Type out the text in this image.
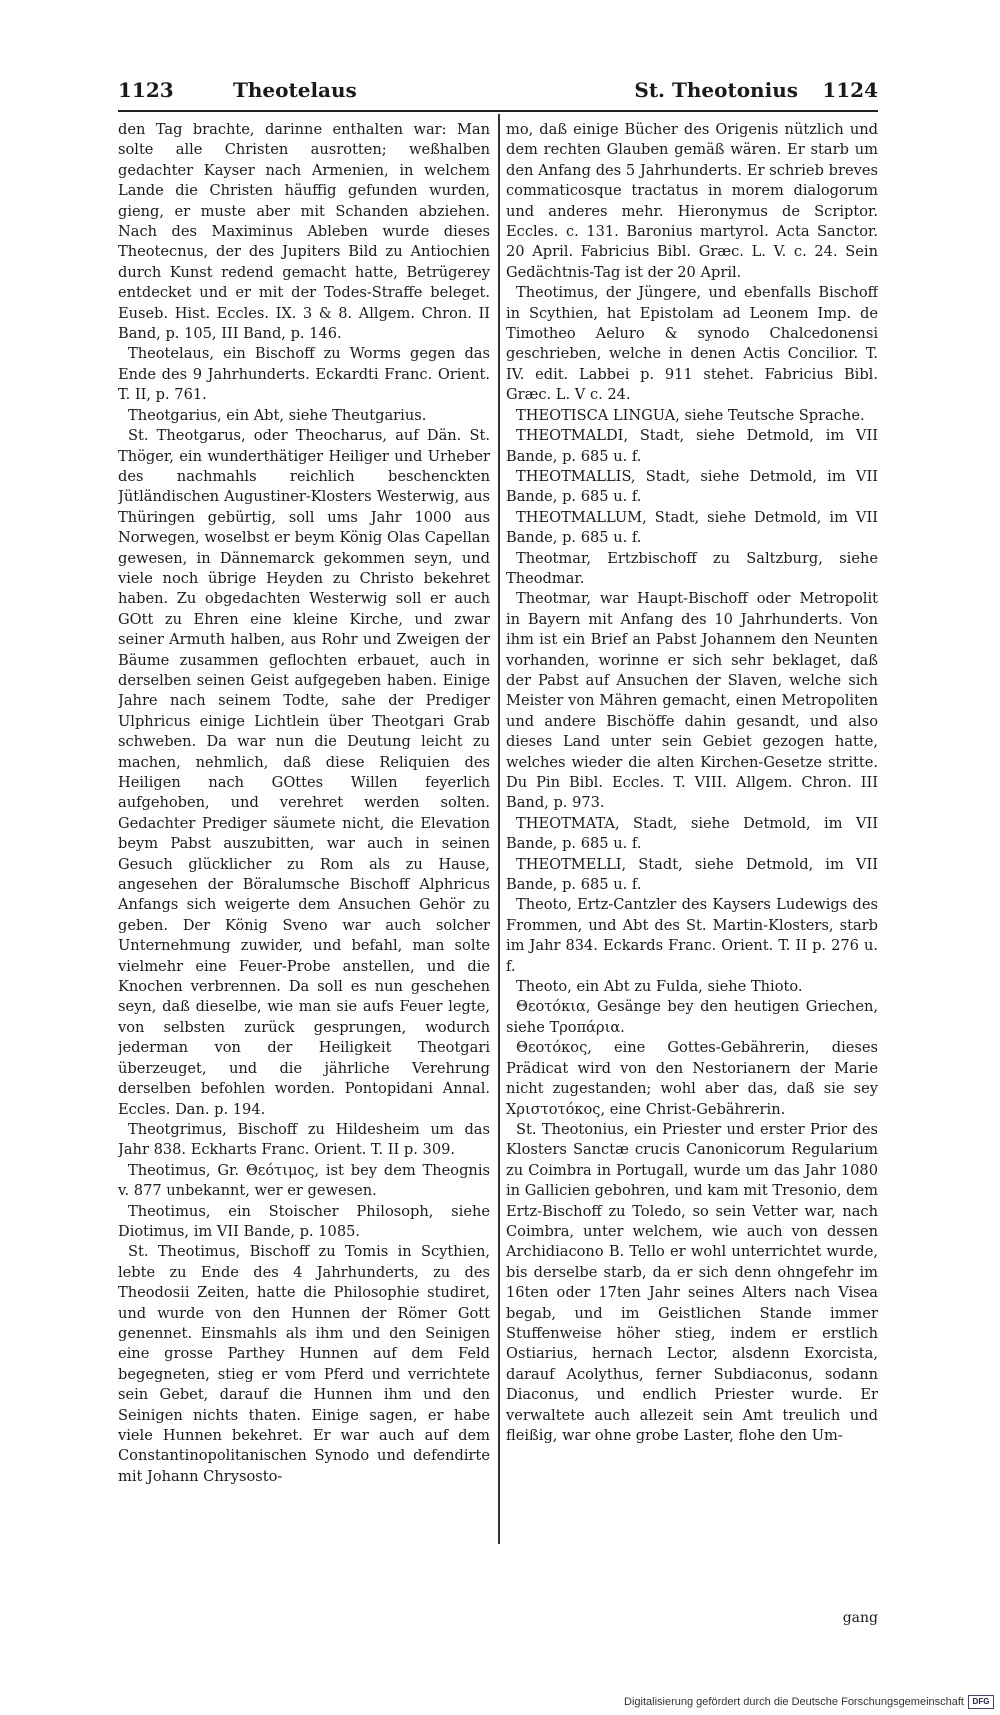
1123	Theotelaus	St. Theotonius 1124

den Tag brachte, darinne enthalten war: Man solte alle Christen ausrotten; weßhalben gedachter Kayser nach Armenien, in welchem Lande die Christen häuffig gefunden wurden, gieng, er muste aber mit Schanden abziehen. Nach des Maximinus Ableben wurde dieses Theotecnus, der des Jupiters Bild zu Antiochien durch Kunst redend gemacht hatte, Betrügerey entdecket und er mit der Todes-Straffe beleget. Euseb. Hist. Eccles. IX. 3 & 8. Allgem. Chron. II Band, p. 105, III Band, p. 146.

Theotelaus, ein Bischoff zu Worms gegen das Ende des 9 Jahrhunderts. Eckardti Franc. Orient. T. II, p. 761.

Theotgarius, ein Abt, siehe Theutgarius.

St. Theotgarus, oder Theocharus, auf Dän. St. Thöger, ein wunderthätiger Heiliger und Urheber des nachmahls reichlich beschenckten Jütländischen Augustiner-Klosters Westerwig, aus Thüringen gebürtig, soll ums Jahr 1000 aus Norwegen, woselbst er beym König Olas Capellan gewesen, in Dännemarck gekommen seyn, und viele noch übrige Heyden zu Christo bekehret haben. Zu obgedachten Westerwig soll er auch GOtt zu Ehren eine kleine Kirche, und zwar seiner Armuth halben, aus Rohr und Zweigen der Bäume zusammen geflochten erbauet, auch in derselben seinen Geist aufgegeben haben. Einige Jahre nach seinem Todte, sahe der Prediger Ulphricus einige Lichtlein über Theotgari Grab schweben. Da war nun die Deutung leicht zu machen, nehmlich, daß diese Reliquien des Heiligen nach GOttes Willen feyerlich aufgehoben, und verehret werden solten. Gedachter Prediger säumete nicht, die Elevation beym Pabst auszubitten, war auch in seinen Gesuch glücklicher zu Rom als zu Hause, angesehen der Böralumsche Bischoff Alphricus Anfangs sich weigerte dem Ansuchen Gehör zu geben. Der König Sveno war auch solcher Unternehmung zuwider, und befahl, man solte vielmehr eine Feuer-Probe anstellen, und die Knochen verbrennen. Da soll es nun geschehen seyn, daß dieselbe, wie man sie aufs Feuer legte, von selbsten zurück gesprungen, wodurch jederman von der Heiligkeit Theotgari überzeuget, und die jährliche Verehrung derselben befohlen worden. Pontopidani Annal. Eccles. Dan. p. 194.

Theotgrimus, Bischoff zu Hildesheim um das Jahr 838. Eckharts Franc. Orient. T. II p. 309.

Theotimus, Gr. Θεότιμος, ist bey dem Theognis v. 877 unbekannt, wer er gewesen.

Theotimus, ein Stoischer Philosoph, siehe Diotimus, im VII Bande, p. 1085.

St. Theotimus, Bischoff zu Tomis in Scythien, lebte zu Ende des 4 Jahrhunderts, zu des Theodosii Zeiten, hatte die Philosophie studiret, und wurde von den Hunnen der Römer Gott genennet. Einsmahls als ihm und den Seinigen eine grosse Parthey Hunnen auf dem Feld begegneten, stieg er vom Pferd und verrichtete sein Gebet, darauf die Hunnen ihm und den Seinigen nichts thaten. Einige sagen, er habe viele Hunnen bekehret. Er war auch auf dem Constantinopolitanischen Synodo und defendirte mit Johann Chrysosto-

mo, daß einige Bücher des Origenis nützlich und dem rechten Glauben gemäß wären. Er starb um den Anfang des 5 Jahrhunderts. Er schrieb breves commaticosque tractatus in morem dialogorum und anderes mehr. Hieronymus de Scriptor. Eccles. c. 131. Baronius martyrol. Acta Sanctor. 20 April. Fabricius Bibl. Græc. L. V. c. 24. Sein Gedächtnis-Tag ist der 20 April.

Theotimus, der Jüngere, und ebenfalls Bischoff in Scythien, hat Epistolam ad Leonem Imp. de Timotheo Aeluro & synodo Chalcedonensi geschrieben, welche in denen Actis Concilior. T. IV. edit. Labbei p. 911 stehet. Fabricius Bibl. Græc. L. V c. 24.

THEOTISCA LINGUA, siehe Teutsche Sprache.

THEOTMALDI, Stadt, siehe Detmold, im VII Bande, p. 685 u. f.

THEOTMALLIS, Stadt, siehe Detmold, im VII Bande, p. 685 u. f.

THEOTMALLUM, Stadt, siehe Detmold, im VII Bande, p. 685 u. f.

Theotmar, Ertzbischoff zu Saltzburg, siehe Theodmar.

Theotmar, war Haupt-Bischoff oder Metropolit in Bayern mit Anfang des 10 Jahrhunderts. Von ihm ist ein Brief an Pabst Johannem den Neunten vorhanden, worinne er sich sehr beklaget, daß der Pabst auf Ansuchen der Slaven, welche sich Meister von Mähren gemacht, einen Metropoliten und andere Bischöffe dahin gesandt, und also dieses Land unter sein Gebiet gezogen hatte, welches wieder die alten Kirchen-Gesetze stritte. Du Pin Bibl. Eccles. T. VIII. Allgem. Chron. III Band, p. 973.

THEOTMATA, Stadt, siehe Detmold, im VII Bande, p. 685 u. f.

THEOTMELLI, Stadt, siehe Detmold, im VII Bande, p. 685 u. f.

Theoto, Ertz-Cantzler des Kaysers Ludewigs des Frommen, und Abt des St. Martin-Klosters, starb im Jahr 834. Eckards Franc. Orient. T. II p. 276 u. f.

Theoto, ein Abt zu Fulda, siehe Thioto.

Θεοτόκια, Gesänge bey den heutigen Griechen, siehe Τροπάρια.

Θεοτόκος, eine Gottes-Gebährerin, dieses Prädicat wird von den Nestorianern der Marie nicht zugestanden; wohl aber das, daß sie sey Χριστοτόκος, eine Christ-Gebährerin.

St. Theotonius, ein Priester und erster Prior des Klosters Sanctæ crucis Canonicorum Regularium zu Coimbra in Portugall, wurde um das Jahr 1080 in Gallicien gebohren, und kam mit Tresonio, dem Ertz-Bischoff zu Toledo, so sein Vetter war, nach Coimbra, unter welchem, wie auch von dessen Archidiacono B. Tello er wohl unterrichtet wurde, bis derselbe starb, da er sich denn ohngefehr im 16ten oder 17ten Jahr seines Alters nach Visea begab, und im Geistlichen Stande immer Stuffenweise höher stieg, indem er erstlich Ostiarius, hernach Lector, alsdenn Exorcista, darauf Acolythus, ferner Subdiaconus, sodann Diaconus, und endlich Priester wurde. Er verwaltete auch allezeit sein Amt treulich und fleißig, war ohne grobe Laster, flohe den Um-

gang
Digitalisierung gefördert durch die Deutsche Forschungsgemeinschaft	DFG
